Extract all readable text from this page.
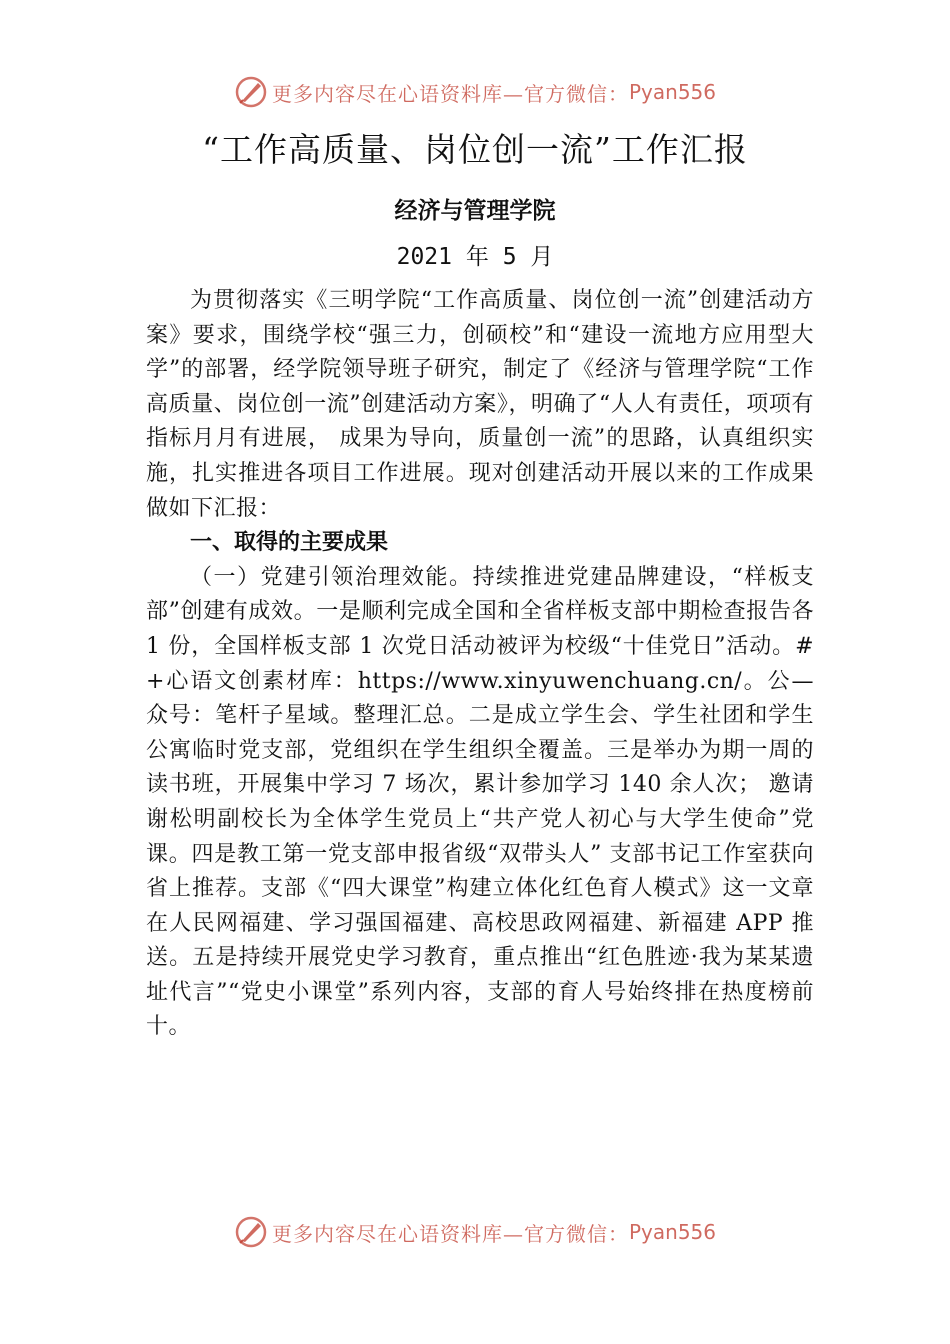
更多内容尽在心语资料库—官方微信： Pyan556
“工作高质量、岗位创一流”工作汇报
经济与管理学院
2021 年 5 月

为贯彻落实《三明学院“工作高质量、岗位创一流”创建活动方案》要求，围绕学校“强三力，创硕校”和“建设一流地方应用型大学”的部署，经学院领导班子研究，制定了《经济与管理学院“工作高质量、岗位创一流”创建活动方案》，明确了“人人有责任，项项有指标月月有进展， 成果为导向，质量创一流”的思路，认真组织实施，扎实推进各项目工作进展。现对创建活动开展以来的工作成果做如下汇报：

一、取得的主要成果

（一）党建引领治理效能。持续推进党建品牌建设，“样板支部”创建有成效。一是顺利完成全国和全省样板支部中期检查报告各 1 份，全国样板支部 1 次党日活动被评为校级“十佳党日”活动。#+心语文创素材库：https://www.xinyuwenchuang.cn/。公—众号：笔杆子星域。整理汇总。二是成立学生会、学生社团和学生公寓临时党支部，党组织在学生组织全覆盖。三是举办为期一周的读书班，开展集中学习 7 场次，累计参加学习 140 余人次； 邀请谢松明副校长为全体学生党员上“共产党人初心与大学生使命”党课。四是教工第一党支部申报省级“双带头人” 支部书记工作室获向省上推荐。支部《“四大课堂”构建立体化红色育人模式》这一文章在人民网福建、学习强国福建、高校思政网福建、新福建 APP 推送。五是持续开展党史学习教育，重点推出“红色胜迹·我为某某遗址代言”“党史小课堂”系列内容，支部的育人号始终排在热度榜前十。

更多内容尽在心语资料库—官方微信： Pyan556
